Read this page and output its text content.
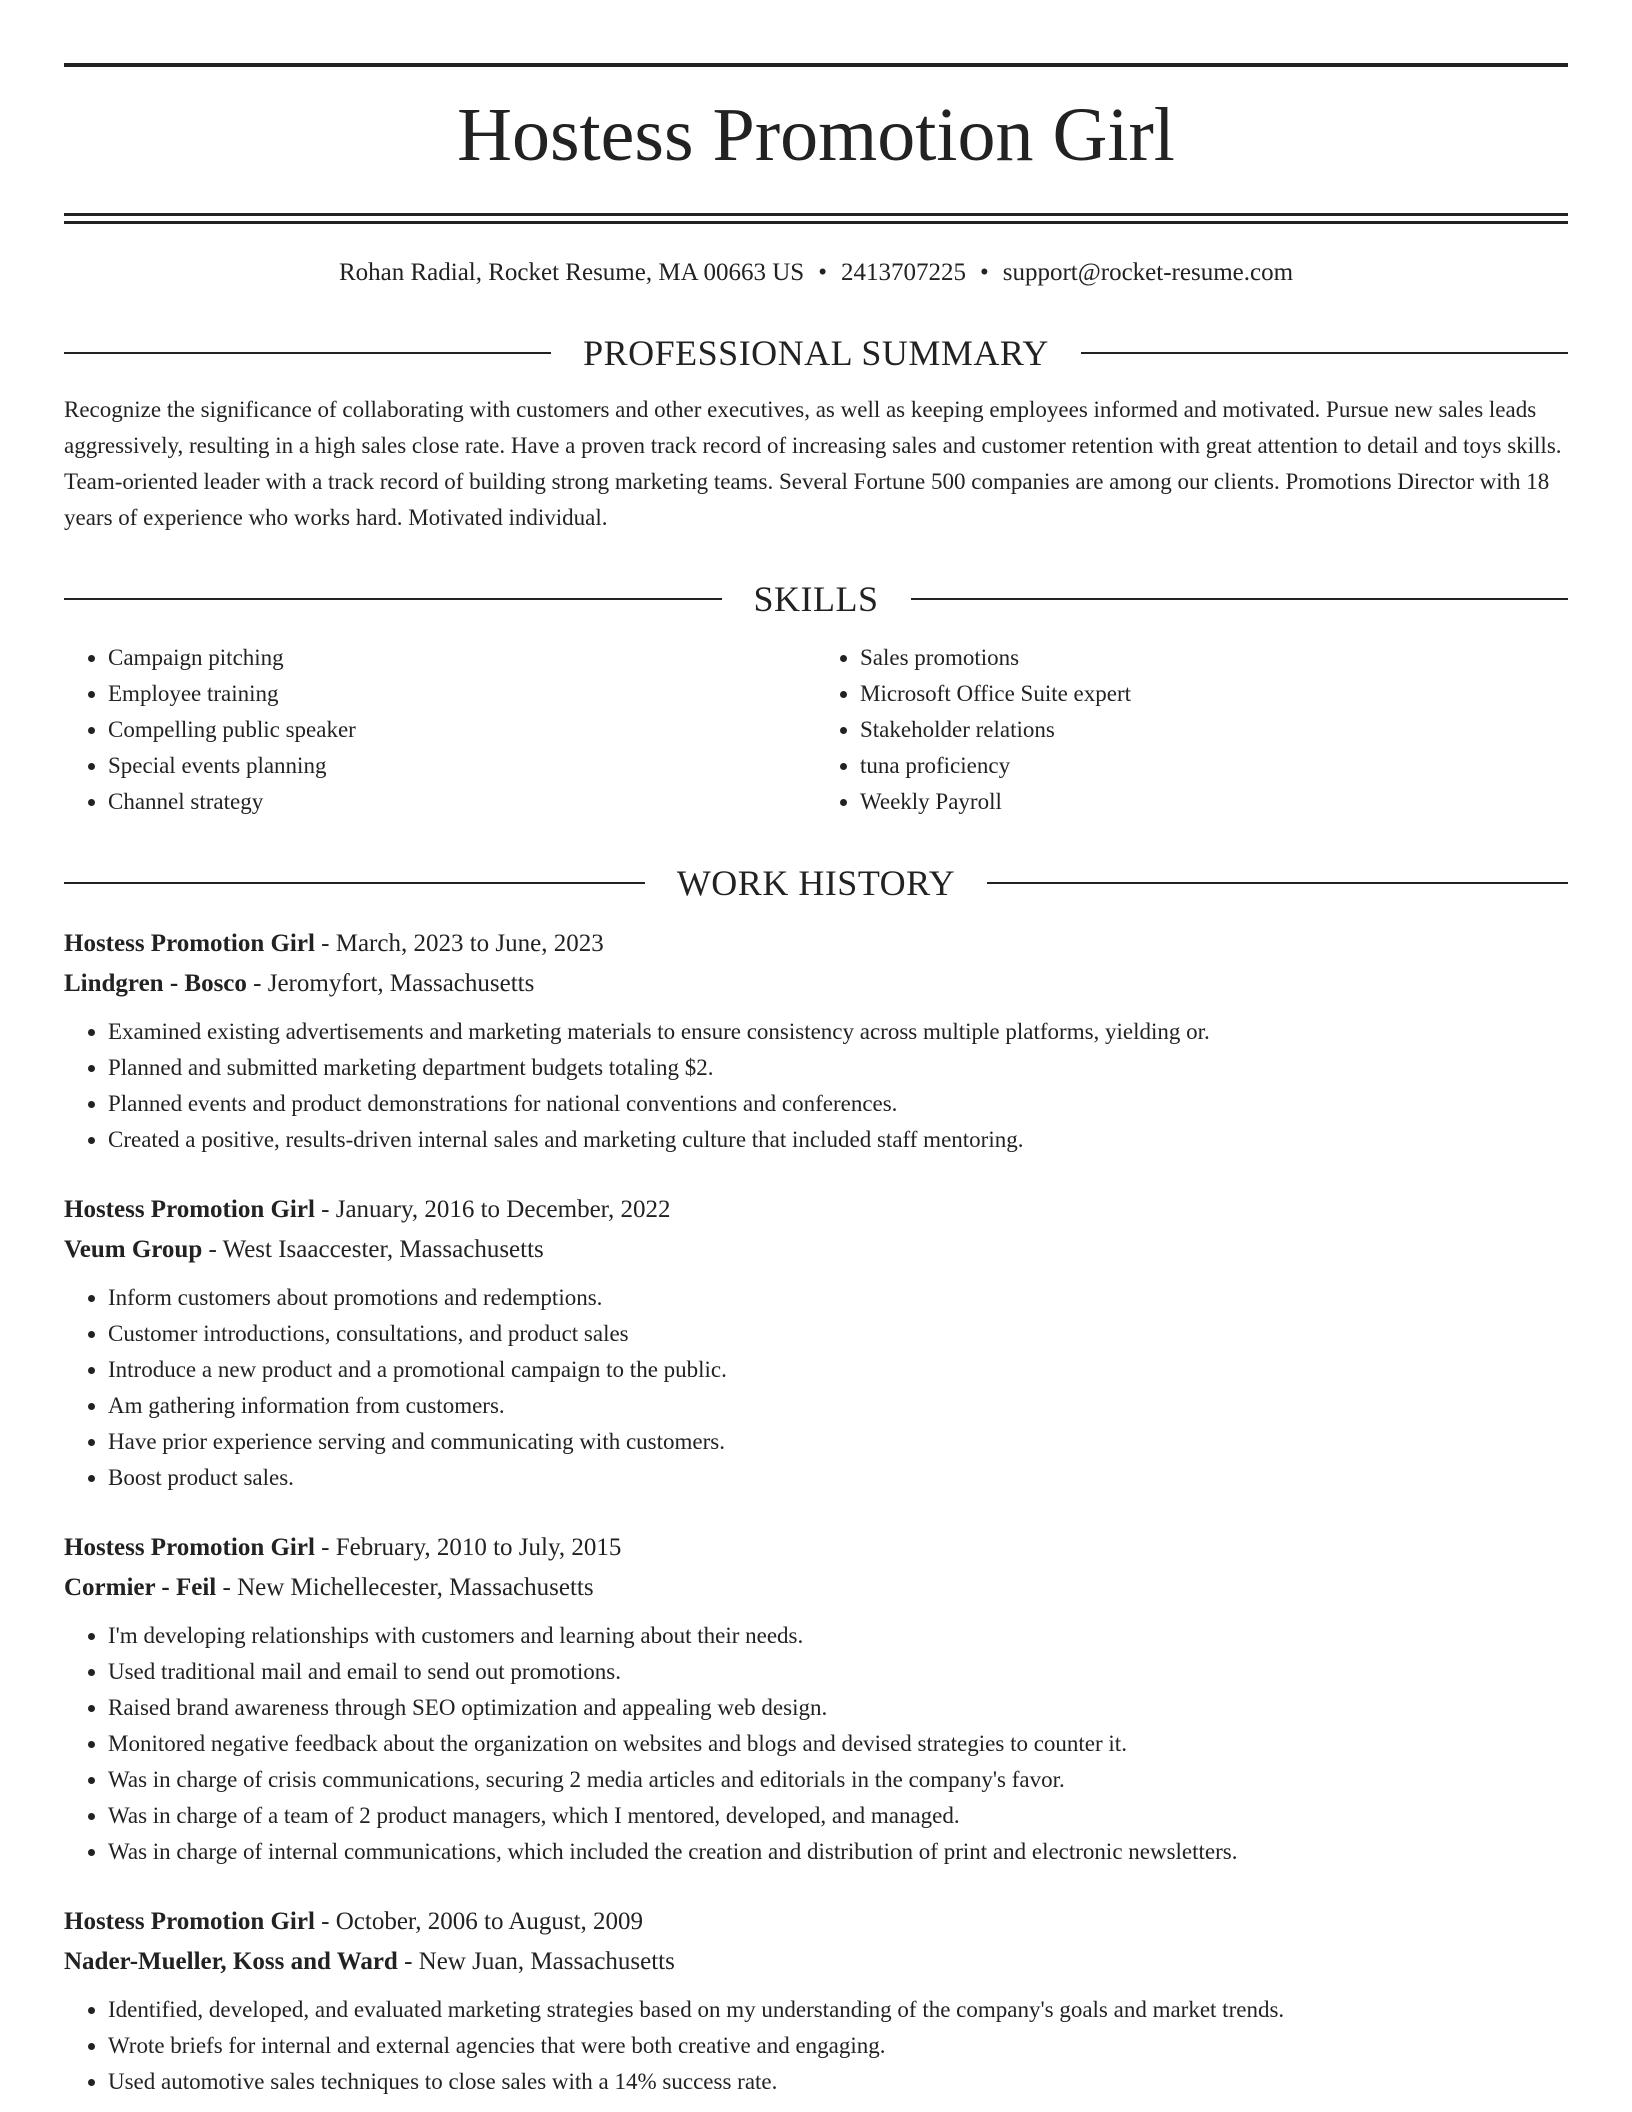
Hostess Promotion Girl
Rohan Radial, Rocket Resume, MA 00663 US • 2413707225 • support@rocket-resume.com
PROFESSIONAL SUMMARY

Recognize the significance of collaborating with customers and other executives, as well as keeping employees informed and motivated. Pursue new sales leads aggressively, resulting in a high sales close rate. Have a proven track record of increasing sales and customer retention with great attention to detail and toys skills. Team-oriented leader with a track record of building strong marketing teams. Several Fortune 500 companies are among our clients. Promotions Director with 18 years of experience who works hard. Motivated individual.

SKILLS
• Campaign pitching
• Employee training
• Compelling public speaker
• Special events planning
• Channel strategy
• Sales promotions
• Microsoft Office Suite expert
• Stakeholder relations
• tuna proficiency
• Weekly Payroll
WORK HISTORY
Hostess Promotion Girl - March, 2023 to June, 2023
Lindgren - Bosco - Jeromyfort, Massachusetts
• Examined existing advertisements and marketing materials to ensure consistency across multiple platforms, yielding or.
• Planned and submitted marketing department budgets totaling $2.
• Planned events and product demonstrations for national conventions and conferences.
• Created a positive, results-driven internal sales and marketing culture that included staff mentoring.
Hostess Promotion Girl - January, 2016 to December, 2022
Veum Group - West Isaaccester, Massachusetts
• Inform customers about promotions and redemptions.
• Customer introductions, consultations, and product sales
• Introduce a new product and a promotional campaign to the public.
• Am gathering information from customers.
• Have prior experience serving and communicating with customers.
• Boost product sales.
Hostess Promotion Girl - February, 2010 to July, 2015
Cormier - Feil - New Michellecester, Massachusetts
• I'm developing relationships with customers and learning about their needs.
• Used traditional mail and email to send out promotions.
• Raised brand awareness through SEO optimization and appealing web design.
• Monitored negative feedback about the organization on websites and blogs and devised strategies to counter it.
• Was in charge of crisis communications, securing 2 media articles and editorials in the company's favor.
• Was in charge of a team of 2 product managers, which I mentored, developed, and managed.
• Was in charge of internal communications, which included the creation and distribution of print and electronic newsletters.
Hostess Promotion Girl - October, 2006 to August, 2009
Nader-Mueller, Koss and Ward - New Juan, Massachusetts
• Identified, developed, and evaluated marketing strategies based on my understanding of the company's goals and market trends.
• Wrote briefs for internal and external agencies that were both creative and engaging.
• Used automotive sales techniques to close sales with a 14% success rate.
